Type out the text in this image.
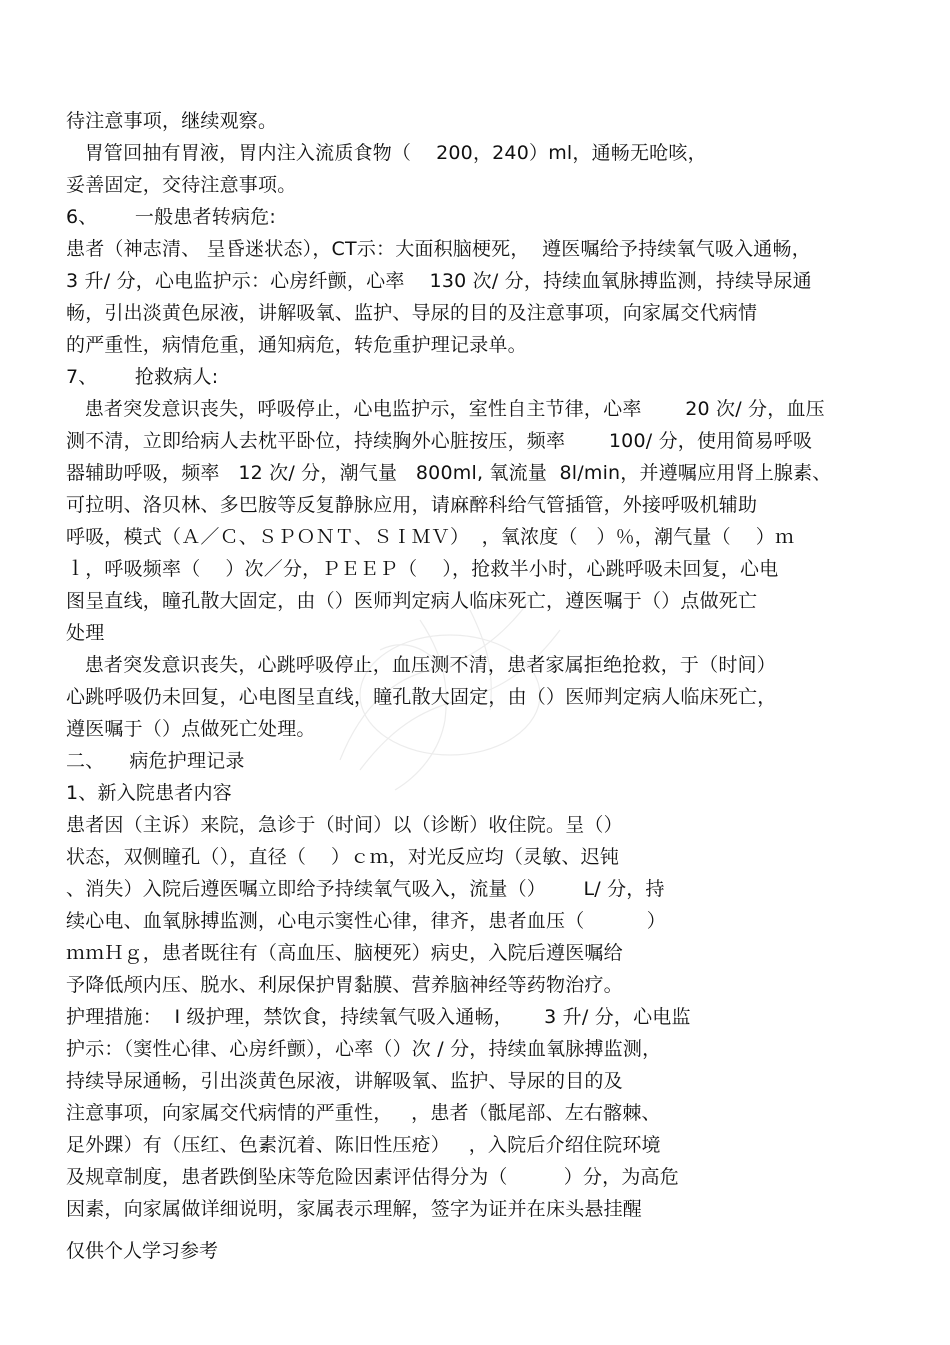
待注意事项，继续观察。
胃管回抽有胃液，胃内注入流质食物（    200，240）ml，通畅无呛咳，
妥善固定，交待注意事项。
6、      一般患者转病危:
患者（神志清、 呈昏迷状态），CT示：大面积脑梗死，  遵医嘱给予持续氧气吸入通畅，
3 升/ 分，心电监护示：心房纤颤，心率    130 次/ 分，持续血氧脉搏监测，持续导尿通
畅，引出淡黄色尿液，讲解吸氧、监护、导尿的目的及注意事项，向家属交代病情
的严重性，病情危重，通知病危，转危重护理记录单。
7、      抢救病人:
患者突发意识丧失，呼吸停止，心电监护示，室性自主节律，心率       20 次/ 分，血压
测不清，立即给病人去枕平卧位，持续胸外心脏按压，频率       100/ 分，使用简易呼吸
器辅助呼吸，频率   12 次/ 分，潮气量   800ml, 氧流量  8l/min，并遵嘱应用肾上腺素、
可拉明、洛贝林、多巴胺等反复静脉应用，请麻醉科给气管插管，外接呼吸机辅助
呼吸，模式（Ａ／Ｃ、ＳＰＯＮＴ、ＳＩＭＶ）  ，氧浓度（   ）％，潮气量（    ）ｍ
ｌ，呼吸频率（    ）次／分，ＰＥＥＰ（    ），抢救半小时，心跳呼吸未回复，心电
图呈直线，瞳孔散大固定，由（）医师判定病人临床死亡，遵医嘱于（）点做死亡
处理
患者突发意识丧失，心跳呼吸停止，血压测不清，患者家属拒绝抢救，于（时间）
心跳呼吸仍未回复，心电图呈直线，瞳孔散大固定，由（）医师判定病人临床死亡，
遵医嘱于（）点做死亡处理。
二、    病危护理记录
1、新入院患者内容
患者因（主诉）来院，急诊于（时间）以（诊断）收住院。呈（）
状态，双侧瞳孔（），直径（    ）ｃｍ，对光反应均（灵敏、迟钝
、消失）入院后遵医嘱立即给予持续氧气吸入，流量（）      L/ 分，持
续心电、血氧脉搏监测，心电示窦性心律，律齐，患者血压（          ）
ｍｍＨｇ，患者既往有（高血压、脑梗死）病史，入院后遵医嘱给
予降低颅内压、脱水、利尿保护胃黏膜、营养脑神经等药物治疗。
护理措施：  I 级护理，禁饮食，持续氧气吸入通畅，     3 升/ 分，心电监
护示：（窦性心律、心房纤颤），心率（）次 / 分，持续血氧脉搏监测，
持续导尿通畅，引出淡黄色尿液，讲解吸氧、监护、导尿的目的及
注意事项，向家属交代病情的严重性，   ，患者（骶尾部、左右髂棘、
足外踝）有（压红、色素沉着、陈旧性压疮）   ，入院后介绍住院环境
及规章制度，患者跌倒坠床等危险因素评估得分为（         ）分，为高危
因素，向家属做详细说明，家属表示理解，签字为证并在床头悬挂醒
仅供个人学习参考
